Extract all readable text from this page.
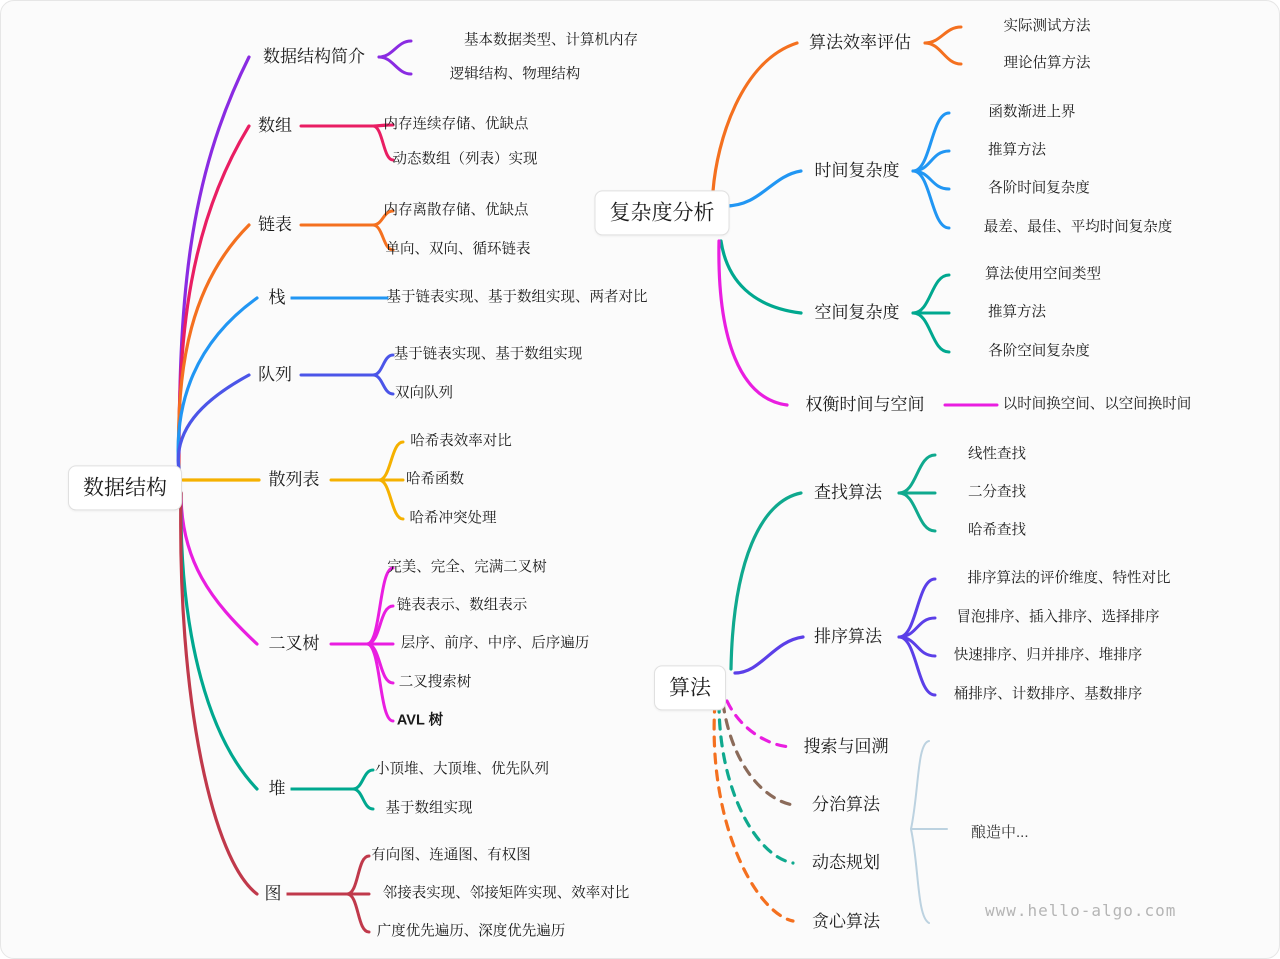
数据结构
复杂度分析
算法
数据结构简介
基本数据类型、计算机内存
逻辑结构、物理结构
数组	内存连续存储、优缺点
动态数组（列表）实现
链表
内存离散存储、优缺点
单向、双向、循环链表
栈	基于链表实现、基于数组实现、两者对比
队列
基于链表实现、基于数组实现
双向队列
散列表
哈希表效率对比
哈希函数
哈希冲突处理
二叉树
完美、完全、完满二叉树
链表表示、数组表示
层序、前序、中序、后序遍历
二叉搜索树
AVL 树
堆
小顶堆、大顶堆、优先队列
基于数组实现
图
有向图、连通图、有权图
邻接表实现、邻接矩阵实现、效率对比
广度优先遍历、深度优先遍历
算法效率评估
实际测试方法
理论估算方法
时间复杂度
函数渐进上界
推算方法
各阶时间复杂度
最差、最佳、平均时间复杂度
空间复杂度
算法使用空间类型
推算方法
各阶空间复杂度
权衡时间与空间	以时间换空间、以空间换时间
查找算法
线性查找
二分查找
哈希查找
排序算法
排序算法的评价维度、特性对比
冒泡排序、插入排序、选择排序
快速排序、归并排序、堆排序
桶排序、计数排序、基数排序
搜索与回溯
分治算法
动态规划
贪心算法
酿造中...
www.hello-algo.com
